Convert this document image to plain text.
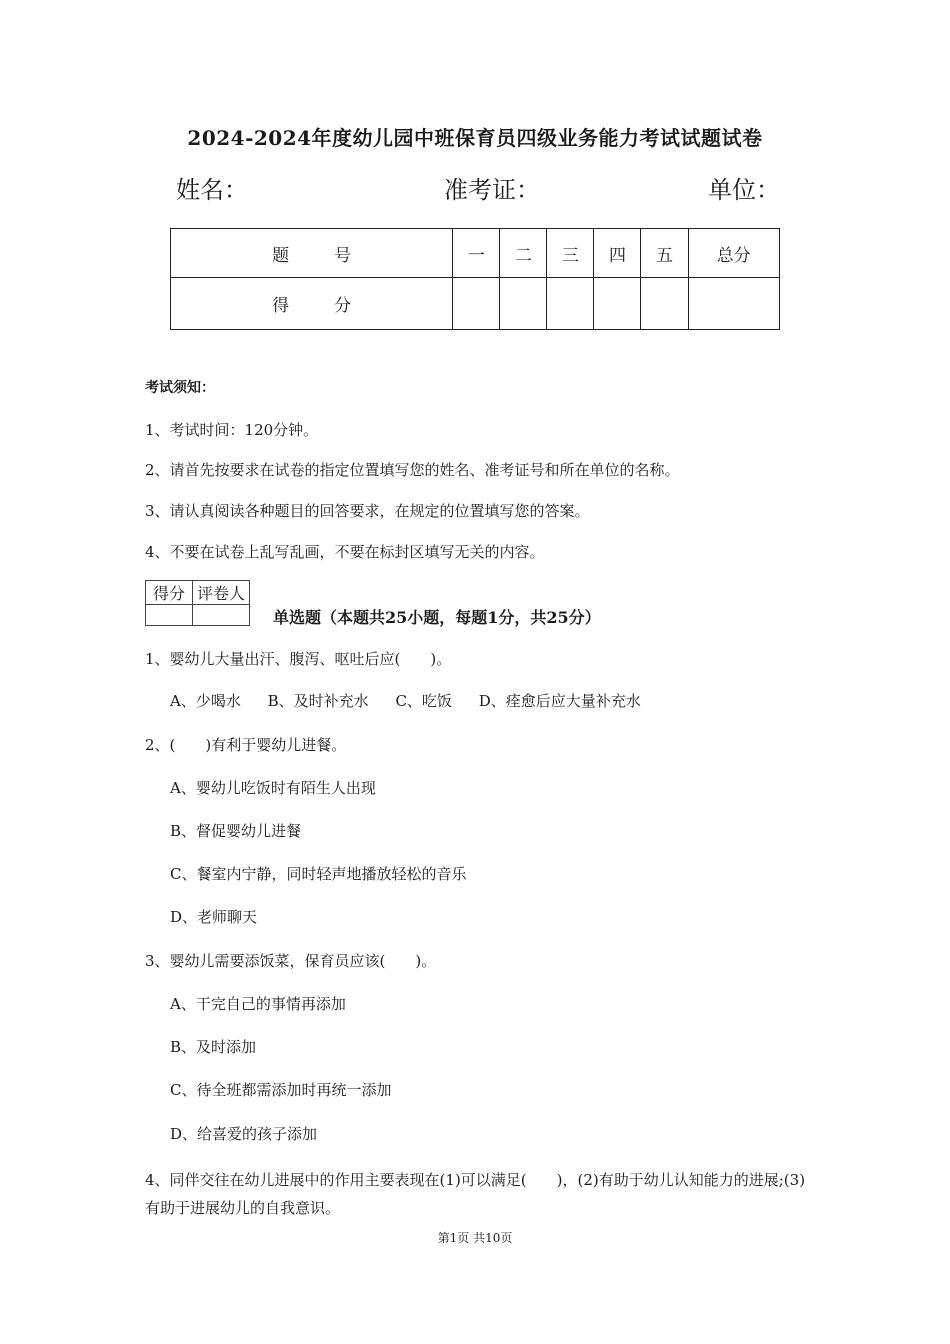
2024-2024年度幼儿园中班保育员四级业务能力考试试题试卷
姓名：	准考证：	单位：
题　号	一	二	三	四	五	总分
得　分						
考试须知：
1、考试时间：120分钟。
2、请首先按要求在试卷的指定位置填写您的姓名、准考证号和所在单位的名称。
3、请认真阅读各种题目的回答要求，在规定的位置填写您的答案。
4、不要在试卷上乱写乱画，不要在标封区填写无关的内容。
得分	评卷人

单选题（本题共25小题，每题1分，共25分）
1、婴幼儿大量出汗、腹泻、呕吐后应(　　)。
A、少喝水 B、及时补充水 C、吃饭 D、痊愈后应大量补充水
2、(　　)有利于婴幼儿进餐。
A、婴幼儿吃饭时有陌生人出现
B、督促婴幼儿进餐
C、餐室内宁静，同时轻声地播放轻松的音乐
D、老师聊天
3、婴幼儿需要添饭菜，保育员应该(　　)。
A、干完自己的事情再添加
B、及时添加
C、待全班都需添加时再统一添加
D、给喜爱的孩子添加
4、同伴交往在幼儿进展中的作用主要表现在(1)可以满足(　　)，(2)有助于幼儿认知能力的进展;(3)有助于进展幼儿的自我意识。
第1页 共10页
